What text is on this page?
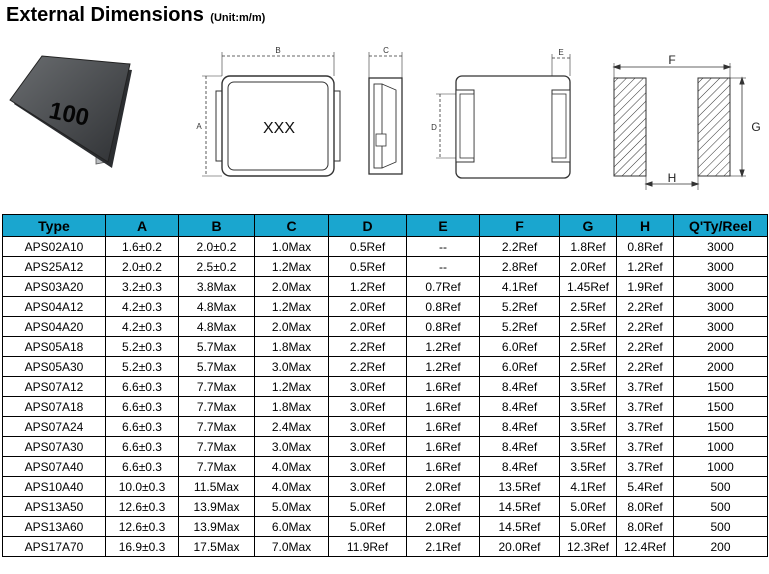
External Dimensions (Unit:m/m)
100	XXX
B
A
C	E
D
F
G
H
Type	A	B	C	D	E	F	G	H	Q'Ty/Reel
APS02A10	1.6±0.2	2.0±0.2	1.0Max	0.5Ref	--	2.2Ref	1.8Ref	0.8Ref	3000
APS25A12	2.0±0.2	2.5±0.2	1.2Max	0.5Ref	--	2.8Ref	2.0Ref	1.2Ref	3000
APS03A20	3.2±0.3	3.8Max	2.0Max	1.2Ref	0.7Ref	4.1Ref	1.45Ref	1.9Ref	3000
APS04A12	4.2±0.3	4.8Max	1.2Max	2.0Ref	0.8Ref	5.2Ref	2.5Ref	2.2Ref	3000
APS04A20	4.2±0.3	4.8Max	2.0Max	2.0Ref	0.8Ref	5.2Ref	2.5Ref	2.2Ref	3000
APS05A18	5.2±0.3	5.7Max	1.8Max	2.2Ref	1.2Ref	6.0Ref	2.5Ref	2.2Ref	2000
APS05A30	5.2±0.3	5.7Max	3.0Max	2.2Ref	1.2Ref	6.0Ref	2.5Ref	2.2Ref	2000
APS07A12	6.6±0.3	7.7Max	1.2Max	3.0Ref	1.6Ref	8.4Ref	3.5Ref	3.7Ref	1500
APS07A18	6.6±0.3	7.7Max	1.8Max	3.0Ref	1.6Ref	8.4Ref	3.5Ref	3.7Ref	1500
APS07A24	6.6±0.3	7.7Max	2.4Max	3.0Ref	1.6Ref	8.4Ref	3.5Ref	3.7Ref	1500
APS07A30	6.6±0.3	7.7Max	3.0Max	3.0Ref	1.6Ref	8.4Ref	3.5Ref	3.7Ref	1000
APS07A40	6.6±0.3	7.7Max	4.0Max	3.0Ref	1.6Ref	8.4Ref	3.5Ref	3.7Ref	1000
APS10A40	10.0±0.3	11.5Max	4.0Max	3.0Ref	2.0Ref	13.5Ref	4.1Ref	5.4Ref	500
APS13A50	12.6±0.3	13.9Max	5.0Max	5.0Ref	2.0Ref	14.5Ref	5.0Ref	8.0Ref	500
APS13A60	12.6±0.3	13.9Max	6.0Max	5.0Ref	2.0Ref	14.5Ref	5.0Ref	8.0Ref	500
APS17A70	16.9±0.3	17.5Max	7.0Max	11.9Ref	2.1Ref	20.0Ref	12.3Ref	12.4Ref	200
